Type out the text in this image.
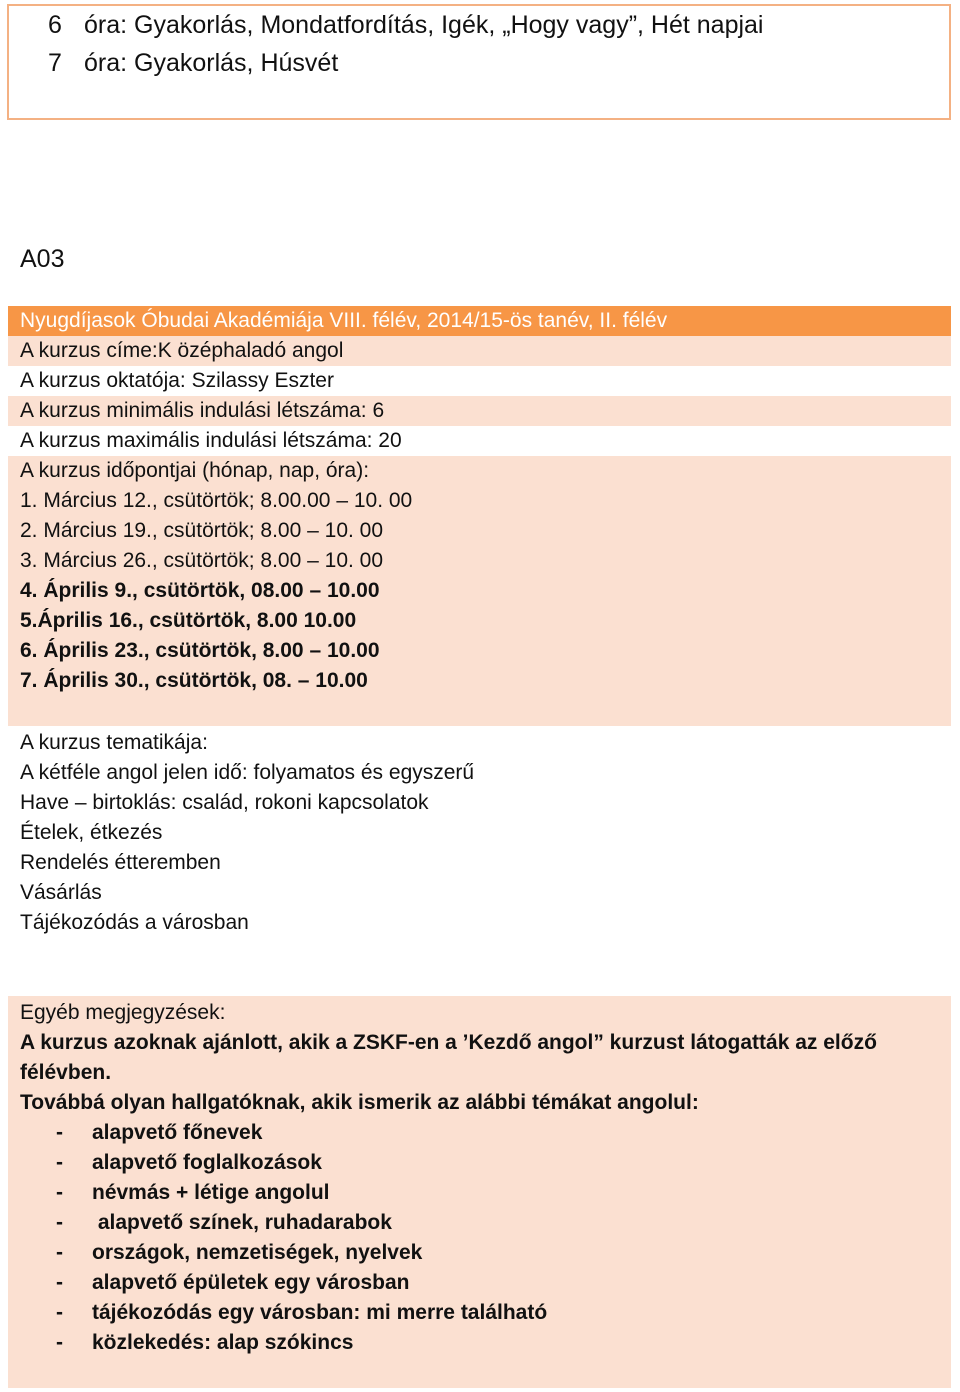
6 óra: Gyakorlás, Mondatfordítás, Igék, „Hogy vagy”, Hét napjai
7 óra: Gyakorlás, Húsvét
A03
Nyugdíjasok Óbudai Akadémiája VIII. félév, 2014/15-ös tanév, II. félév
A kurzus címe:K özéphaladó angol
A kurzus oktatója: Szilassy Eszter
A kurzus minimális indulási létszáma: 6
A kurzus maximális indulási létszáma: 20
A kurzus időpontjai (hónap, nap, óra):
1. Március 12., csütörtök; 8.00.00 – 10. 00
2. Március 19., csütörtök; 8.00 – 10. 00
3. Március 26., csütörtök; 8.00 – 10. 00
4. Április 9., csütörtök, 08.00 – 10.00
5.Április 16., csütörtök, 8.00 10.00
6. Április 23., csütörtök, 8.00 – 10.00
7. Április 30., csütörtök, 08. – 10.00
A kurzus tematikája:
A kétféle angol jelen idő: folyamatos és egyszerű
Have – birtoklás: család, rokoni kapcsolatok
Ételek, étkezés
Rendelés étteremben
Vásárlás
Tájékozódás a városban
Egyéb megjegyzések:
A kurzus azoknak ajánlott, akik a ZSKF-en a ’Kezdő angol” kurzust látogatták az előző
félévben.
Továbbá olyan hallgatóknak, akik ismerik az alábbi témákat angolul:
- alapvető főnevek
- alapvető foglalkozások
- névmás + létige angolul
- alapvető színek, ruhadarabok
- országok, nemzetiségek, nyelvek
- alapvető épületek egy városban
- tájékozódás egy városban: mi merre található
- közlekedés: alap szókincs
